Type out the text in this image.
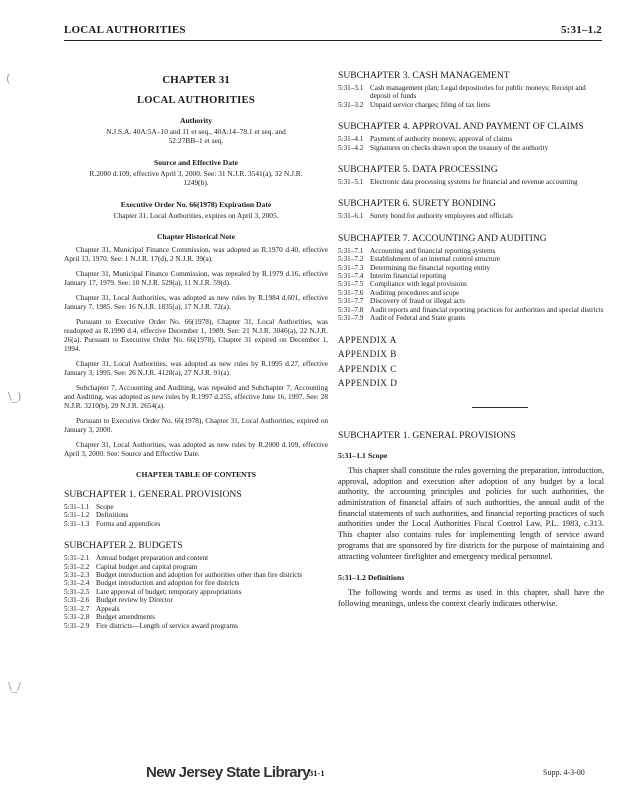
LOCAL AUTHORITIES	5:31–1.2
CHAPTER 31
LOCAL AUTHORITIES
Authority
N.J.S.A. 40A:5A–10 and 11 et seq., 40A:14–78.1 et seq. and 52:27BB–1 et seq.
Source and Effective Date
R.2000 d.109, effective April 3, 2000. See: 31 N.J.R. 3541(a), 32 N.J.R. 1249(b).
Executive Order No. 66(1978) Expiration Date
Chapter 31, Local Authorities, expires on April 3, 2005.
Chapter Historical Note

Chapter 31, Municipal Finance Commission, was adopted as R.1970 d.40, effective April 13, 1970. See: 1 N.J.R. 17(d), 2 N.J.R. 39(a).

Chapter 31, Municipal Finance Commission, was repealed by R.1979 d.16, effective January 17, 1979. See: 10 N.J.R. 529(a), 11 N.J.R. 59(d).

Chapter 31, Local Authorities, was adopted as new rules by R.1984 d.601, effective January 7, 1985. See: 16 N.J.R. 1835(a), 17 N.J.R. 72(a).

Pursuant to Executive Order No. 66(1978), Chapter 31, Local Authorities, was readopted as R.1990 d.4, effective December 1, 1989. See: 21 N.J.R. 3046(a), 22 N.J.R. 26(a). Pursuant to Executive Order No. 66(1978), Chapter 31 expired on December 1, 1994.

Chapter 31, Local Authorities, was adopted as new rules by R.1995 d.27, effective January 3, 1995. See: 26 N.J.R. 4128(a), 27 N.J.R. 91(a).

Subchapter 7, Accounting and Auditing, was repealed and Subchapter 7, Accounting and Auditing, was adopted as new rules by R.1997 d.255, effective June 16, 1997. See: 28 N.J.R. 3210(b), 29 N.J.R. 2654(a).

Pursuant to Executive Order No. 66(1978), Chapter 31, Local Authorities, expired on January 3, 2000.

Chapter 31, Local Authorities, was adopted as new rules by R.2000 d.109, effective April 3, 2000. See: Source and Effective Date.

CHAPTER TABLE OF CONTENTS
SUBCHAPTER 1. GENERAL PROVISIONS
5:31–1.1 Scope
5:31–1.2 Definitions
5:31–1.3 Forms and appendices
SUBCHAPTER 2. BUDGETS
5:31–2.1 Annual budget preparation and content
5:31–2.2 Capital budget and capital program
5:31–2.3 Budget introduction and adoption for authorities other than fire districts
5:31–2.4 Budget introduction and adoption for fire districts
5:31–2.5 Late approval of budget; temporary appropriations
5:31–2.6 Budget review by Director
5:31–2.7 Appeals
5:31–2.8 Budget amendments
5:31–2.9 Fire districts—Length of service award programs
SUBCHAPTER 3. CASH MANAGEMENT
5:31–3.1 Cash management plan; Legal depositories for public moneys; Receipt and deposit of funds
5:31–3.2 Unpaid service charges; filing of tax liens
SUBCHAPTER 4. APPROVAL AND PAYMENT OF CLAIMS
5:31–4.1 Payment of authority moneys; approval of claims
5:31–4.2 Signatures on checks drawn upon the treasury of the authority
SUBCHAPTER 5. DATA PROCESSING
5:31–5.1 Electronic data processing systems for financial and revenue accounting
SUBCHAPTER 6. SURETY BONDING
5:31–6.1 Surety bond for authority employees and officials
SUBCHAPTER 7. ACCOUNTING AND AUDITING
5:31–7.1 Accounting and financial reporting systems
5:31–7.2 Establishment of an internal control structure
5:31–7.3 Determining the financial reporting entity
5:31–7.4 Interim financial reporting
5:31–7.5 Compliance with legal provisions
5:31–7.6 Auditing procedures and scope
5:31–7.7 Discovery of fraud or illegal acts
5:31–7.8 Audit reports and financial reporting practices for authorities and special districts
5:31–7.9 Audit of Federal and State grants
APPENDIX A
APPENDIX B
APPENDIX C
APPENDIX D
SUBCHAPTER 1. GENERAL PROVISIONS
5:31–1.1 Scope

This chapter shall constitute the rules governing the preparation, introduction, approval, adoption and execution after adoption of any budget by a local authority, the accounting principles and policies for such authorities, the administration of financial affairs of such authorities, the annual audit of the financial statements of such authorities, and financial reporting practices of such authorities under the Local Authorities Fiscal Control Law, P.L. 1983, c.313. This chapter also contains rules for implementing length of service award programs that are sponsored by fire districts for the purpose of maintaining and attracting volunteer firefighter and emergency medical personnel.

5:31–1.2 Definitions

The following words and terms as used in this chapter, shall have the following meanings, unless the context clearly indicates otherwise.

(
\_)
\_/
New Jersey State Library
31-1	Supp. 4-3-00
